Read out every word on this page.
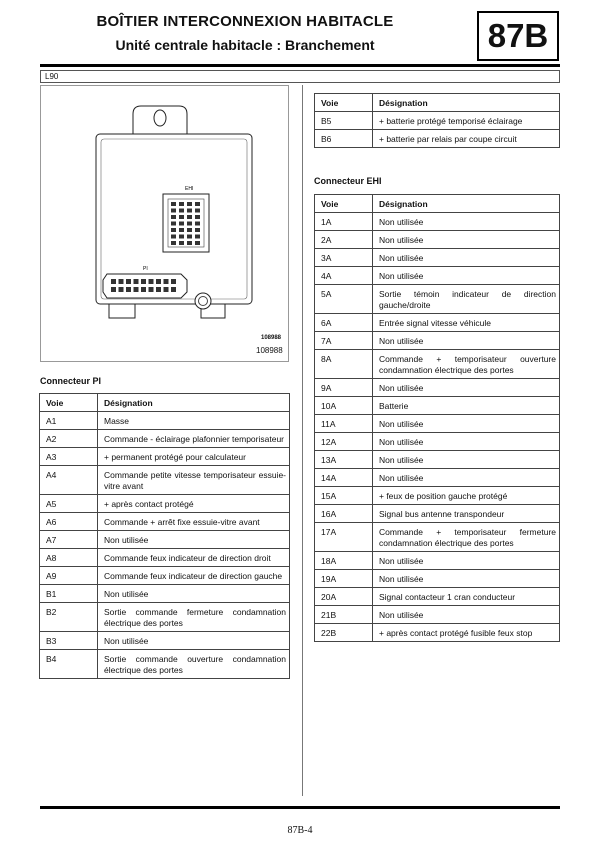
BOÎTIER INTERCONNEXION HABITACLE
Unité centrale habitacle : Branchement	87B
L90
EHI
PI
108988
108988
Connecteur PI
Voie	Désignation
A1	Masse
A2	Commande - éclairage plafonnier temporisateur
A3	+ permanent protégé pour calculateur
A4	Commande petite vitesse temporisateur essuie-vitre avant
A5	+ après contact protégé
A6	Commande + arrêt fixe essuie-vitre avant
A7	Non utilisée
A8	Commande feux indicateur de direction droit
A9	Commande feux indicateur de direction gauche
B1	Non utilisée
B2	Sortie commande fermeture condamnation électrique des portes
B3	Non utilisée
B4	Sortie commande ouverture condamnation électrique des portes
Voie	Désignation
B5	+ batterie protégé temporisé éclairage
B6	+ batterie par relais par coupe circuit
Connecteur EHI
Voie	Désignation
1A	Non utilisée
2A	Non utilisée
3A	Non utilisée
4A	Non utilisée
5A	Sortie témoin indicateur de direction gauche/droite
6A	Entrée signal vitesse véhicule
7A	Non utilisée
8A	Commande + temporisateur ouverture condamnation électrique des portes
9A	Non utilisée
10A	Batterie
11A	Non utilisée
12A	Non utilisée
13A	Non utilisée
14A	Non utilisée
15A	+ feux de position gauche protégé
16A	Signal bus antenne transpondeur
17A	Commande + temporisateur fermeture condamnation électrique des portes
18A	Non utilisée
19A	Non utilisée
20A	Signal contacteur 1 cran conducteur
21B	Non utilisée
22B	+ après contact protégé fusible feux stop
87B-4
